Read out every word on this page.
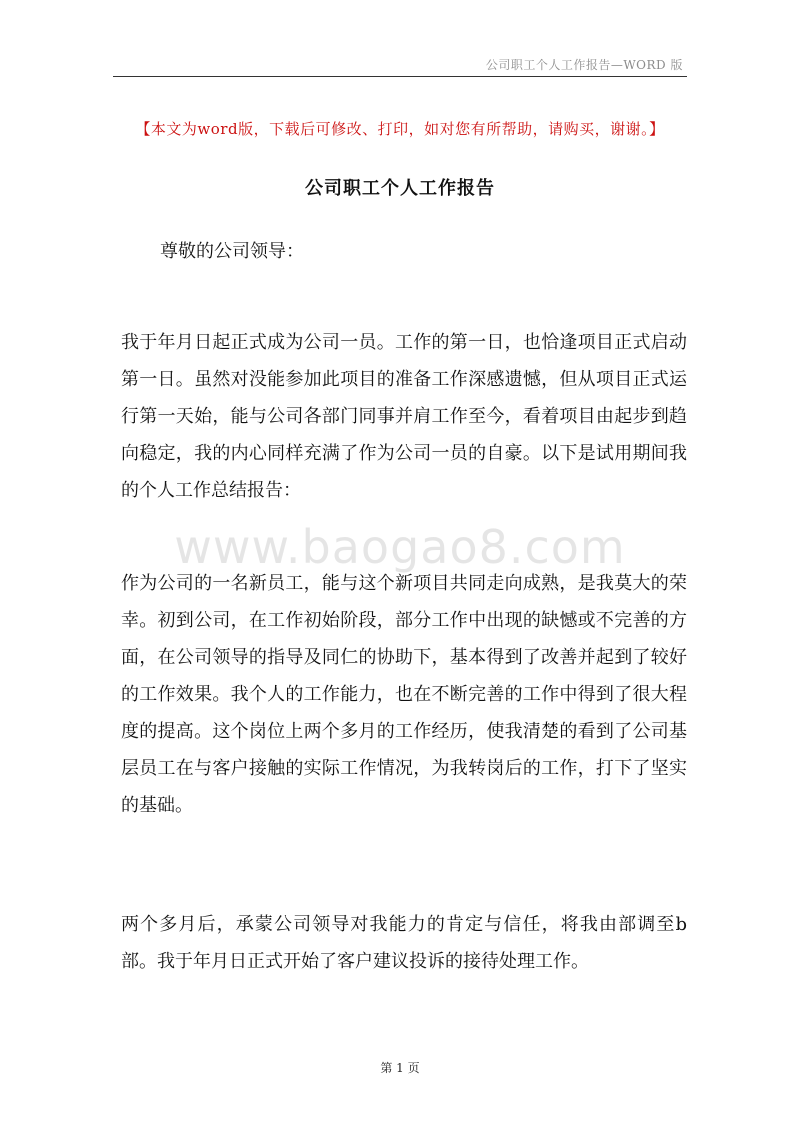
公司职工个人工作报告—WORD 版
【本文为word版，下载后可修改、打印，如对您有所帮助，请购买，谢谢。】
公司职工个人工作报告
尊敬的公司领导：

我于年月日起正式成为公司一员。工作的第一日，也恰逢项目正式启动第一日。虽然对没能参加此项目的准备工作深感遗憾，但从项目正式运行第一天始，能与公司各部门同事并肩工作至今，看着项目由起步到趋向稳定，我的内心同样充满了作为公司一员的自豪。以下是试用期间我的个人工作总结报告：

www.baogao8.com

作为公司的一名新员工，能与这个新项目共同走向成熟，是我莫大的荣幸。初到公司，在工作初始阶段，部分工作中出现的缺憾或不完善的方面，在公司领导的指导及同仁的协助下，基本得到了改善并起到了较好的工作效果。我个人的工作能力，也在不断完善的工作中得到了很大程度的提高。这个岗位上两个多月的工作经历，使我清楚的看到了公司基层员工在与客户接触的实际工作情况，为我转岗后的工作，打下了坚实的基础。

两个多月后，承蒙公司领导对我能力的肯定与信任，将我由部调至b部。我于年月日正式开始了客户建议投诉的接待处理工作。

第 1 页
